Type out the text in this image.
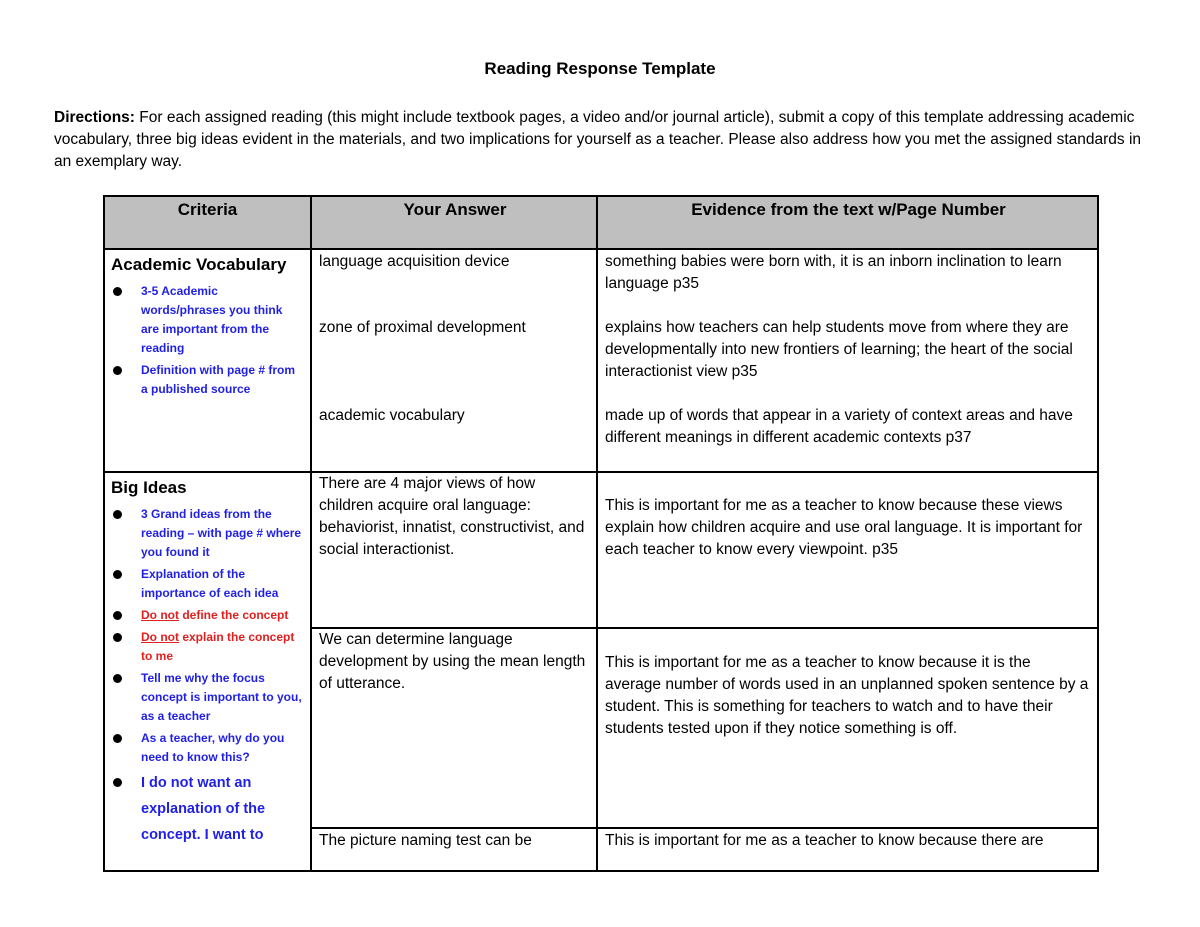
Reading Response Template
Directions: For each assigned reading (this might include textbook pages, a video and/or journal article), submit a copy of this template addressing academic vocabulary, three big ideas evident in the materials, and two implications for yourself as a teacher. Please also address how you met the assigned standards in an exemplary way.
Criteria	Your Answer	Evidence from the text w/Page Number
Academic Vocabulary
3-5 Academic words/phrases you think are important from the reading
Definition with page # from a published source
language acquisition device
zone of proximal development
academic vocabulary
something babies were born with, it is an inborn inclination to learn language p35
explains how teachers can help students move from where they are developmentally into new frontiers of learning; the heart of the social interactionist view p35
made up of words that appear in a variety of context areas and have different meanings in different academic contexts p37
Big Ideas
3 Grand ideas from the reading – with page # where you found it
Explanation of the importance of each idea
Do not define the concept
Do not explain the concept to me
Tell me why the focus concept is important to you, as a teacher
As a teacher, why do you need to know this?
I do not want an explanation of the concept. I want to
There are 4 major views of how children acquire oral language: behaviorist, innatist, constructivist, and social interactionist.
We can determine language development by using the mean length of utterance.
The picture naming test can be
This is important for me as a teacher to know because these views explain how children acquire and use oral language. It is important for each teacher to know every viewpoint. p35
This is important for me as a teacher to know because it is the average number of words used in an unplanned spoken sentence by a student. This is something for teachers to watch and to have their students tested upon if they notice something is off.
This is important for me as a teacher to know because there are
